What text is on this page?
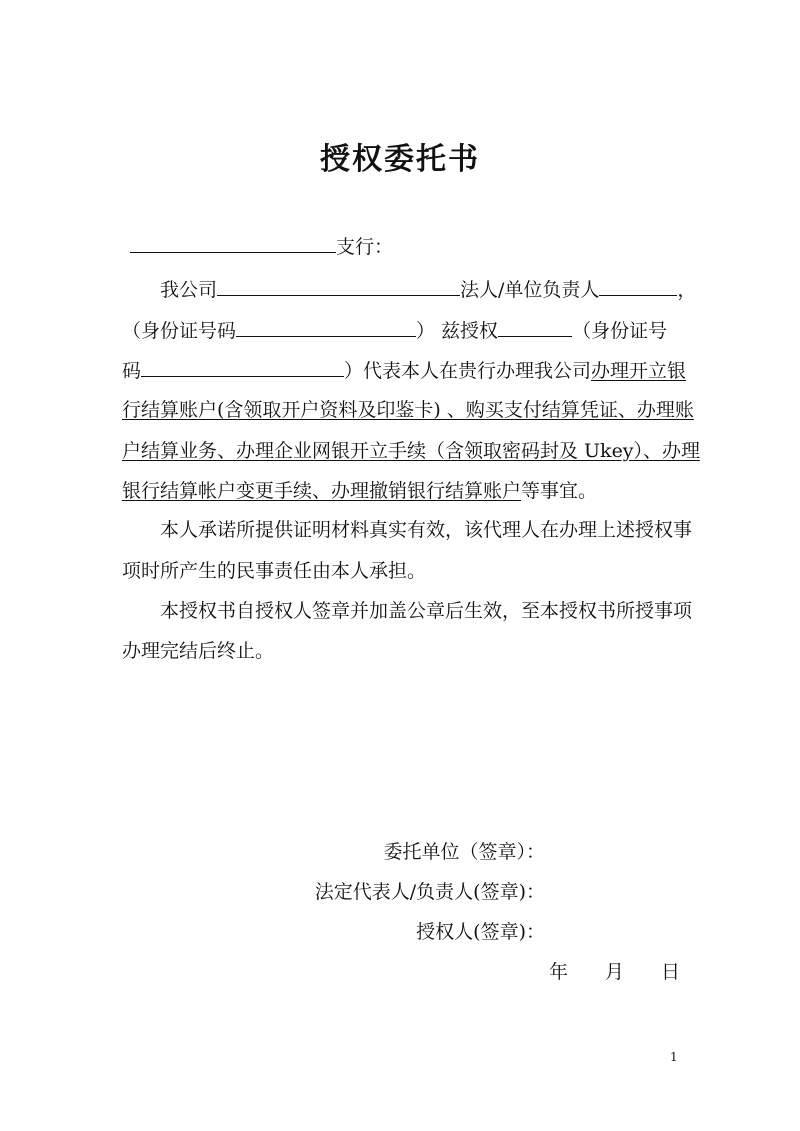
授权委托书
支行：
我公司	法人/单位负责人	，
（身份证号码	） 兹授权	（身份证号
码	）代表本人在贵行办理我公司办理开立银
行结算账户(含领取开户资料及印鉴卡) 、购买支付结算凭证、办理账
户结算业务、办理企业网银开立手续（含领取密码封及 Ukey）、办理
银行结算帐户变更手续、办理撤销银行结算账户等事宜。
本人承诺所提供证明材料真实有效，该代理人在办理上述授权事
项时所产生的民事责任由本人承担。
本授权书自授权人签章并加盖公章后生效，至本授权书所授事项
办理完结后终止。
委托单位（签章）：
法定代表人/负责人(签章)：
授权人(签章)：
年 月 日
1
